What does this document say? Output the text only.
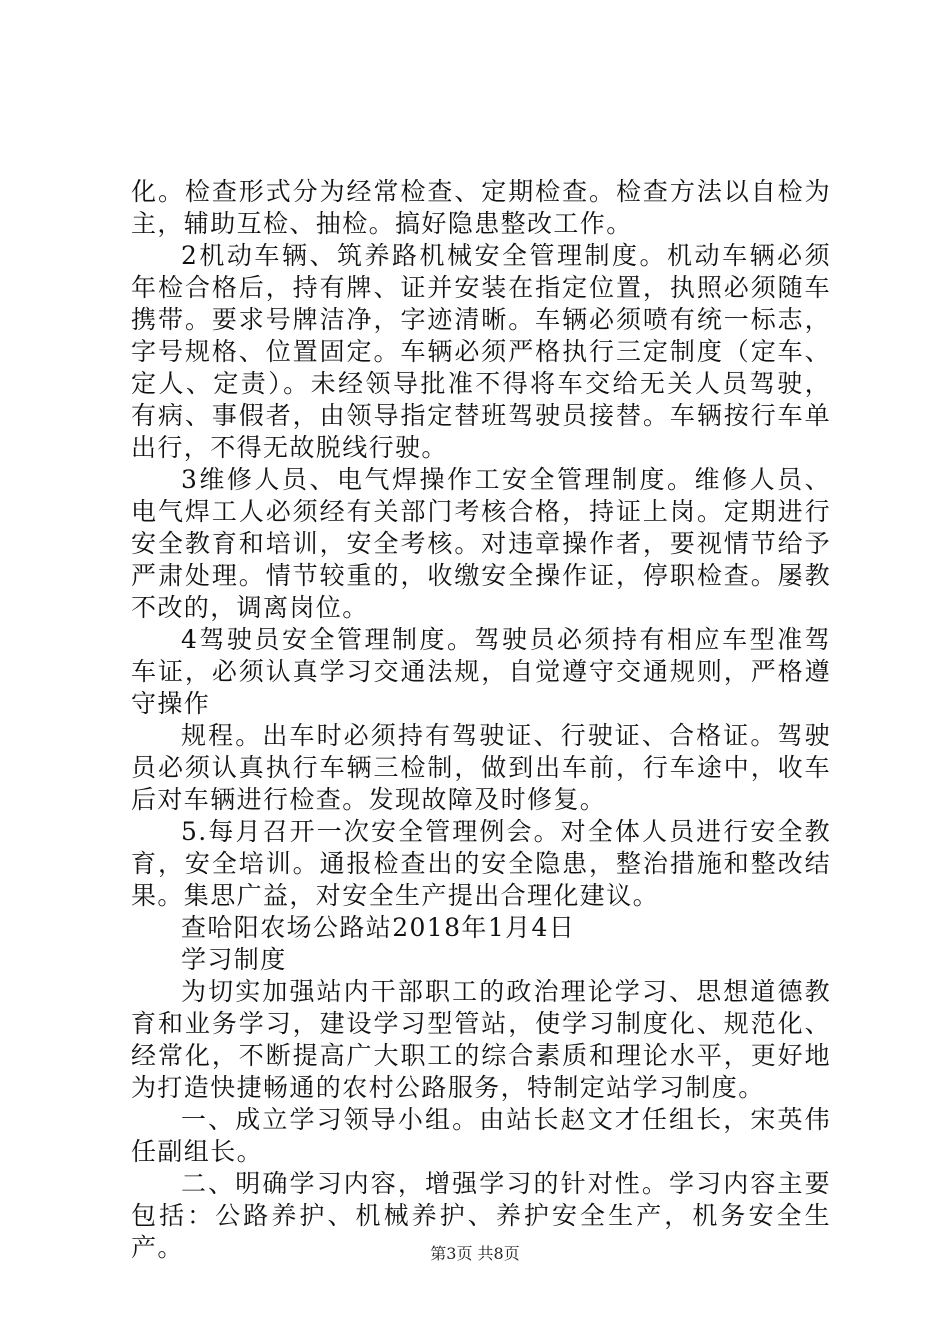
化。检查形式分为经常检查、定期检查。检查方法以自检为主，辅助互检、抽检。搞好隐患整改工作。

2机动车辆、筑养路机械安全管理制度。机动车辆必须年检合格后，持有牌、证并安装在指定位置，执照必须随车携带。要求号牌洁净，字迹清晰。车辆必须喷有统一标志，字号规格、位置固定。车辆必须严格执行三定制度（定车、定人、定责）。未经领导批准不得将车交给无关人员驾驶，有病、事假者，由领导指定替班驾驶员接替。车辆按行车单出行，不得无故脱线行驶。

3维修人员、电气焊操作工安全管理制度。维修人员、电气焊工人必须经有关部门考核合格，持证上岗。定期进行安全教育和培训，安全考核。对违章操作者，要视情节给予严肃处理。情节较重的，收缴安全操作证，停职检查。屡教不改的，调离岗位。

4驾驶员安全管理制度。驾驶员必须持有相应车型准驾车证，必须认真学习交通法规，自觉遵守交通规则，严格遵守操作

规程。出车时必须持有驾驶证、行驶证、合格证。驾驶员必须认真执行车辆三检制，做到出车前，行车途中，收车后对车辆进行检查。发现故障及时修复。

5.每月召开一次安全管理例会。对全体人员进行安全教育，安全培训。通报检查出的安全隐患，整治措施和整改结果。集思广益，对安全生产提出合理化建议。

查哈阳农场公路站2018年1月4日

学习制度

为切实加强站内干部职工的政治理论学习、思想道德教育和业务学习，建设学习型管站，使学习制度化、规范化、经常化，不断提高广大职工的综合素质和理论水平，更好地为打造快捷畅通的农村公路服务，特制定站学习制度。

一、成立学习领导小组。由站长赵文才任组长，宋英伟任副组长。

二、明确学习内容，增强学习的针对性。学习内容主要包括：公路养护、机械养护、养护安全生产，机务安全生产。	第3页 共8页
